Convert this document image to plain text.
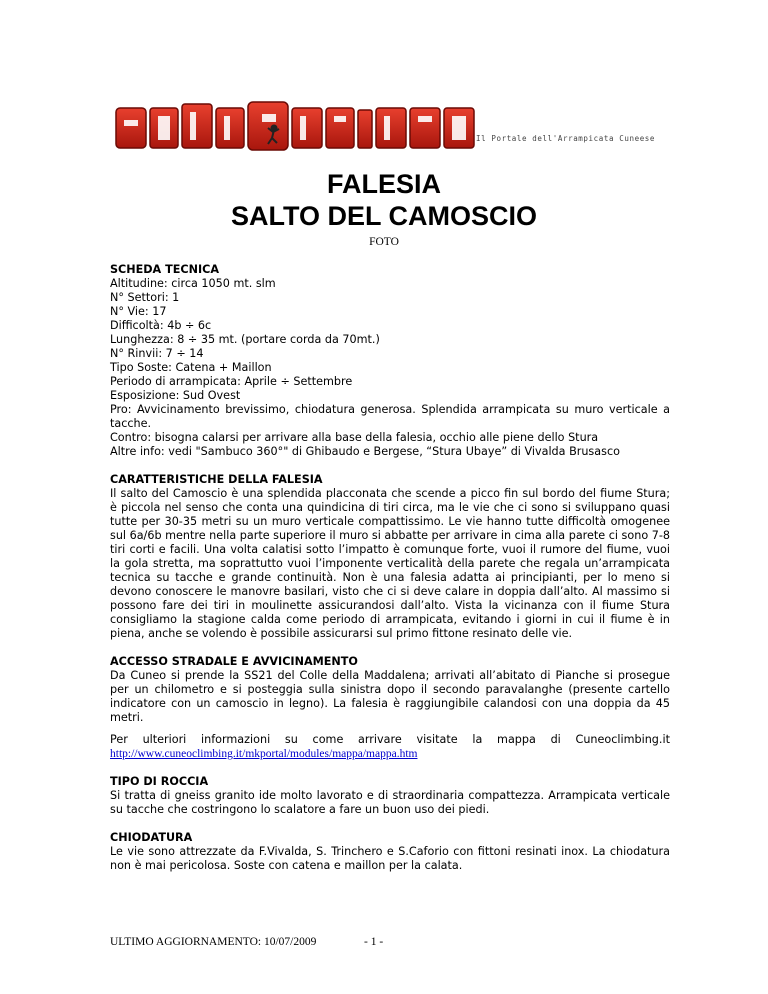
Il Portale dell'Arrampicata Cuneese
FALESIA
SALTO DEL CAMOSCIO
FOTO
SCHEDA TECNICA
Altitudine: circa 1050 mt. slm
N° Settori: 1
N° Vie: 17
Difficoltà: 4b ÷ 6c
Lunghezza: 8 ÷ 35 mt. (portare corda da 70mt.)
N° Rinvii: 7 ÷ 14
Tipo Soste: Catena + Maillon
Periodo di arrampicata: Aprile ÷ Settembre
Esposizione: Sud Ovest

Pro: Avvicinamento brevissimo, chiodatura generosa. Splendida arrampicata su muro verticale a tacche.

Contro: bisogna calarsi per arrivare alla base della falesia, occhio alle piene dello Stura
Altre info: vedi "Sambuco 360°" di Ghibaudo e Bergese, “Stura Ubaye” di Vivalda Brusasco
CARATTERISTICHE DELLA FALESIA

Il salto del Camoscio è una splendida placconata che scende a picco fin sul bordo del fiume Stura; è piccola nel senso che conta una quindicina di tiri circa, ma le vie che ci sono si sviluppano quasi tutte per 30-35 metri su un muro verticale compattissimo. Le vie hanno tutte difficoltà omogenee sul 6a/6b mentre nella parte superiore il muro si abbatte per arrivare in cima alla parete ci sono 7-8 tiri corti e facili. Una volta calatisi sotto l’impatto è comunque forte, vuoi il rumore del fiume, vuoi la gola stretta, ma soprattutto vuoi l’imponente verticalità della parete che regala un’arrampicata tecnica su tacche e grande continuità. Non è una falesia adatta ai principianti, per lo meno si devono conoscere le manovre basilari, visto che ci si deve calare in doppia dall’alto. Al massimo si possono fare dei tiri in moulinette assicurandosi dall’alto. Vista la vicinanza con il fiume Stura consigliamo la stagione calda come periodo di arrampicata, evitando i giorni in cui il fiume è in piena, anche se volendo è possibile assicurarsi sul primo fittone resinato delle vie.

ACCESSO STRADALE E AVVICINAMENTO

Da Cuneo si prende la SS21 del Colle della Maddalena; arrivati all’abitato di Pianche si prosegue per un chilometro e si posteggia sulla sinistra dopo il secondo paravalanghe (presente cartello indicatore con un camoscio in legno). La falesia è raggiungibile calandosi con una doppia da 45 metri.

Per ulteriori informazioni su come arrivare visitate la mappa di Cuneoclimbing.it
http://www.cuneoclimbing.it/mkportal/modules/mappa/mappa.htm
TIPO DI ROCCIA

Si tratta di gneiss granito ide molto lavorato e di straordinaria compattezza. Arrampicata verticale su tacche che costringono lo scalatore a fare un buon uso dei piedi.

CHIODATURA

Le vie sono attrezzate da F.Vivalda, S. Trinchero e S.Caforio con fittoni resinati inox. La chiodatura non è mai pericolosa. Soste con catena e maillon per la calata.

ULTIMO AGGIORNAMENTO: 10/07/2009	- 1 -
